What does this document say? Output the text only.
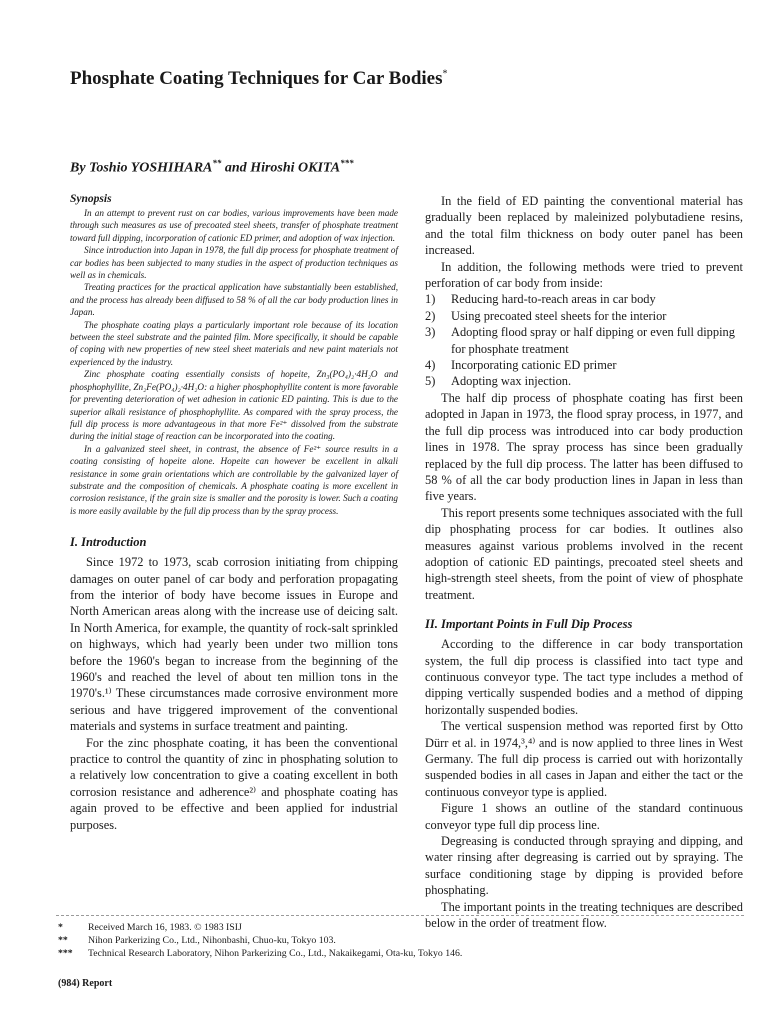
Phosphate Coating Techniques for Car Bodies*
By Toshio YOSHIHARA** and Hiroshi OKITA***
Synopsis

In an attempt to prevent rust on car bodies, various improvements have been made through such measures as use of precoated steel sheets, transfer of phosphate treatment toward full dipping, incorporation of cationic ED primer, and adoption of wax injection.

Since introduction into Japan in 1978, the full dip process for phosphate treatment of car bodies has been subjected to many studies in the aspect of production techniques as well as in chemicals.

Treating practices for the practical application have substantially been established, and the process has already been diffused to 58 % of all the car body production lines in Japan.

The phosphate coating plays a particularly important role because of its location between the steel substrate and the painted film. More specifically, it should be capable of coping with new properties of new steel sheet materials and new paint materials not experienced by the industry.

Zinc phosphate coating essentially consists of hopeite, Zn₃(PO₄)₂·4H₂O and phosphophyllite, Zn₂Fe(PO₄)₂·4H₂O: a higher phosphophyllite content is more favorable for preventing deterioration of wet adhesion in cationic ED painting. This is due to the superior alkali resistance of phosphophyllite. As compared with the spray process, the full dip process is more advantageous in that more Fe²⁺ dissolved from the substrate during the initial stage of reaction can be incorporated into the coating.

In a galvanized steel sheet, in contrast, the absence of Fe²⁺ source results in a coating consisting of hopeite alone. Hopeite can however be excellent in alkali resistance in some grain orientations which are controllable by the galvanized layer of substrate and the composition of chemicals. A phosphate coating is more excellent in corrosion resistance, if the grain size is smaller and the porosity is lower. Such a coating is more easily available by the full dip process than by the spray process.

I. Introduction

Since 1972 to 1973, scab corrosion initiating from chipping damages on outer panel of car body and perforation propagating from the interior of body have become issues in Europe and North American areas along with the increase use of deicing salt. In North America, for example, the quantity of rock-salt sprinkled on highways, which had yearly been under two million tons before the 1960's began to increase from the beginning of the 1960's and reached the level of about ten million tons in the 1970's.¹⁾ These circumstances made corrosive environment more serious and have triggered improvement of the conventional materials and systems in surface treatment and painting.

For the zinc phosphate coating, it has been the conventional practice to control the quantity of zinc in phosphating solution to a relatively low concentration to give a coating excellent in both corrosion resistance and adherence²⁾ and phosphate coating has again proved to be effective and been applied for industrial purposes.

In the field of ED painting the conventional material has gradually been replaced by maleinized polybutadiene resins, and the total film thickness on body outer panel has been increased.

In addition, the following methods were tried to prevent perforation of car body from inside:

1)	Reducing hard-to-reach areas in car body
2)	Using precoated steel sheets for the interior
3)	Adopting flood spray or half dipping or even full dipping for phosphate treatment
4)	Incorporating cationic ED primer
5)	Adopting wax injection.

The half dip process of phosphate coating has first been adopted in Japan in 1973, the flood spray process, in 1977, and the full dip process was introduced into car body production lines in 1978. The spray process has since been gradually replaced by the full dip process. The latter has been diffused to 58 % of all the car body production lines in Japan in less than five years.

This report presents some techniques associated with the full dip phosphating process for car bodies. It outlines also measures against various problems involved in the recent adoption of cationic ED paintings, precoated steel sheets and high-strength steel sheets, from the point of view of phosphate treatment.

II. Important Points in Full Dip Process

According to the difference in car body transportation system, the full dip process is classified into tact type and continuous conveyor type. The tact type includes a method of dipping vertically suspended bodies and a method of dipping horizontally suspended bodies.

The vertical suspension method was reported first by Otto Dürr et al. in 1974,³,⁴⁾ and is now applied to three lines in West Germany. The full dip process is carried out with horizontally suspended bodies in all cases in Japan and either the tact or the continuous conveyor type is applied.

Figure 1 shows an outline of the standard continuous conveyor type full dip process line.

Degreasing is conducted through spraying and dipping, and water rinsing after degreasing is carried out by spraying. The surface conditioning stage by dipping is provided before phosphating.

The important points in the treating techniques are described below in the order of treatment flow.

*	Received March 16, 1983. © 1983 ISIJ
**	Nihon Parkerizing Co., Ltd., Nihonbashi, Chuo-ku, Tokyo 103.
***	Technical Research Laboratory, Nihon Parkerizing Co., Ltd., Nakaikegami, Ota-ku, Tokyo 146.
(984) Report
